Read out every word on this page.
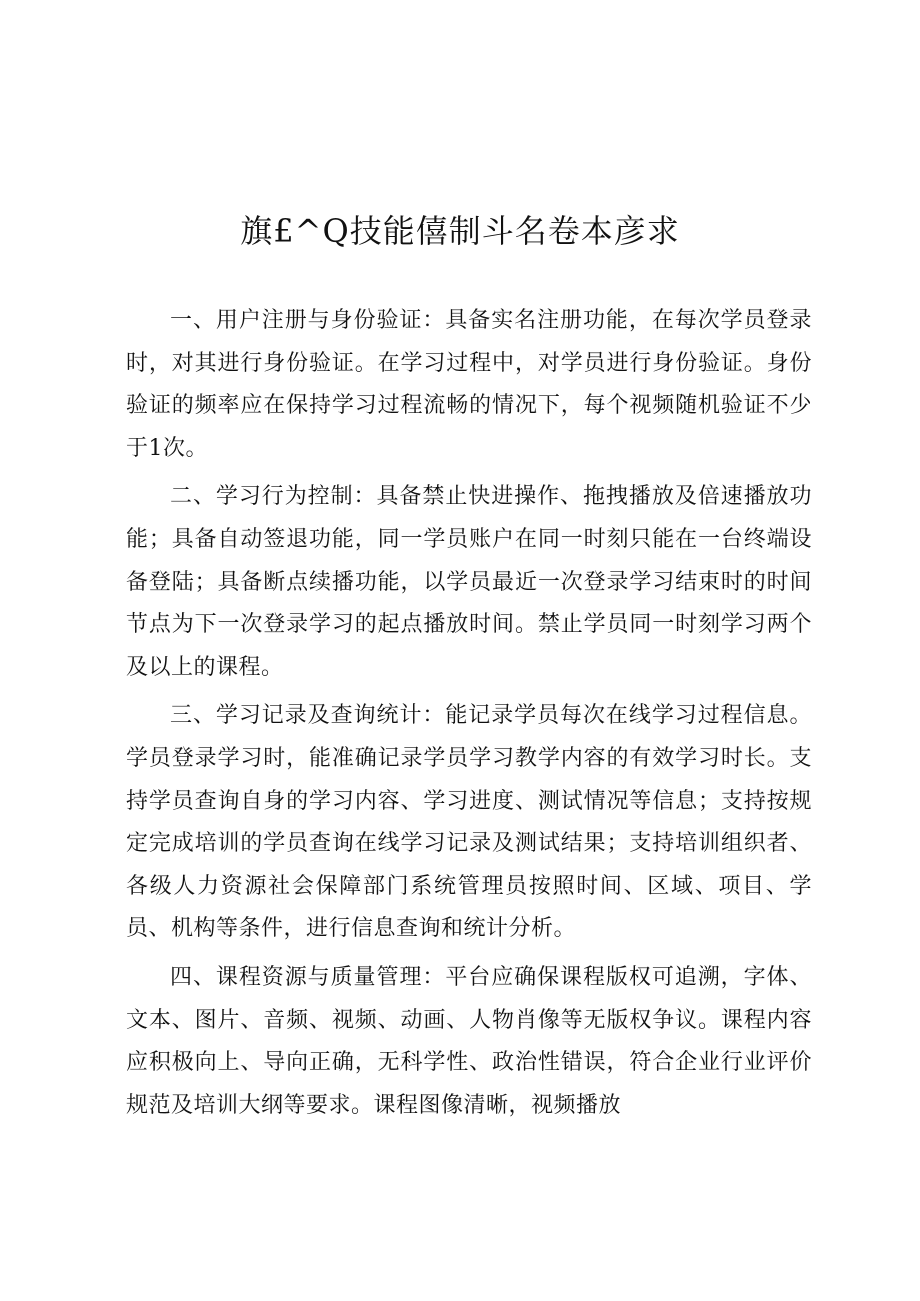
旗£^Q技能僖制斗名卷本彦求

一、用户注册与身份验证：具备实名注册功能，在每次学员登录时，对其进行身份验证。在学习过程中，对学员进行身份验证。身份验证的频率应在保持学习过程流畅的情况下，每个视频随机验证不少于1次。

二、学习行为控制：具备禁止快进操作、拖拽播放及倍速播放功能；具备自动签退功能，同一学员账户在同一时刻只能在一台终端设备登陆；具备断点续播功能，以学员最近一次登录学习结束时的时间节点为下一次登录学习的起点播放时间。禁止学员同一时刻学习两个及以上的课程。

三、学习记录及查询统计：能记录学员每次在线学习过程信息。学员登录学习时，能准确记录学员学习教学内容的有效学习时长。支持学员查询自身的学习内容、学习进度、测试情况等信息；支持按规定完成培训的学员查询在线学习记录及测试结果；支持培训组织者、各级人力资源社会保障部门系统管理员按照时间、区域、项目、学员、机构等条件，进行信息查询和统计分析。

四、课程资源与质量管理：平台应确保课程版权可追溯，字体、文本、图片、音频、视频、动画、人物肖像等无版权争议。课程内容应积极向上、导向正确，无科学性、政治性错误，符合企业行业评价规范及培训大纲等要求。课程图像清晰，视频播放
